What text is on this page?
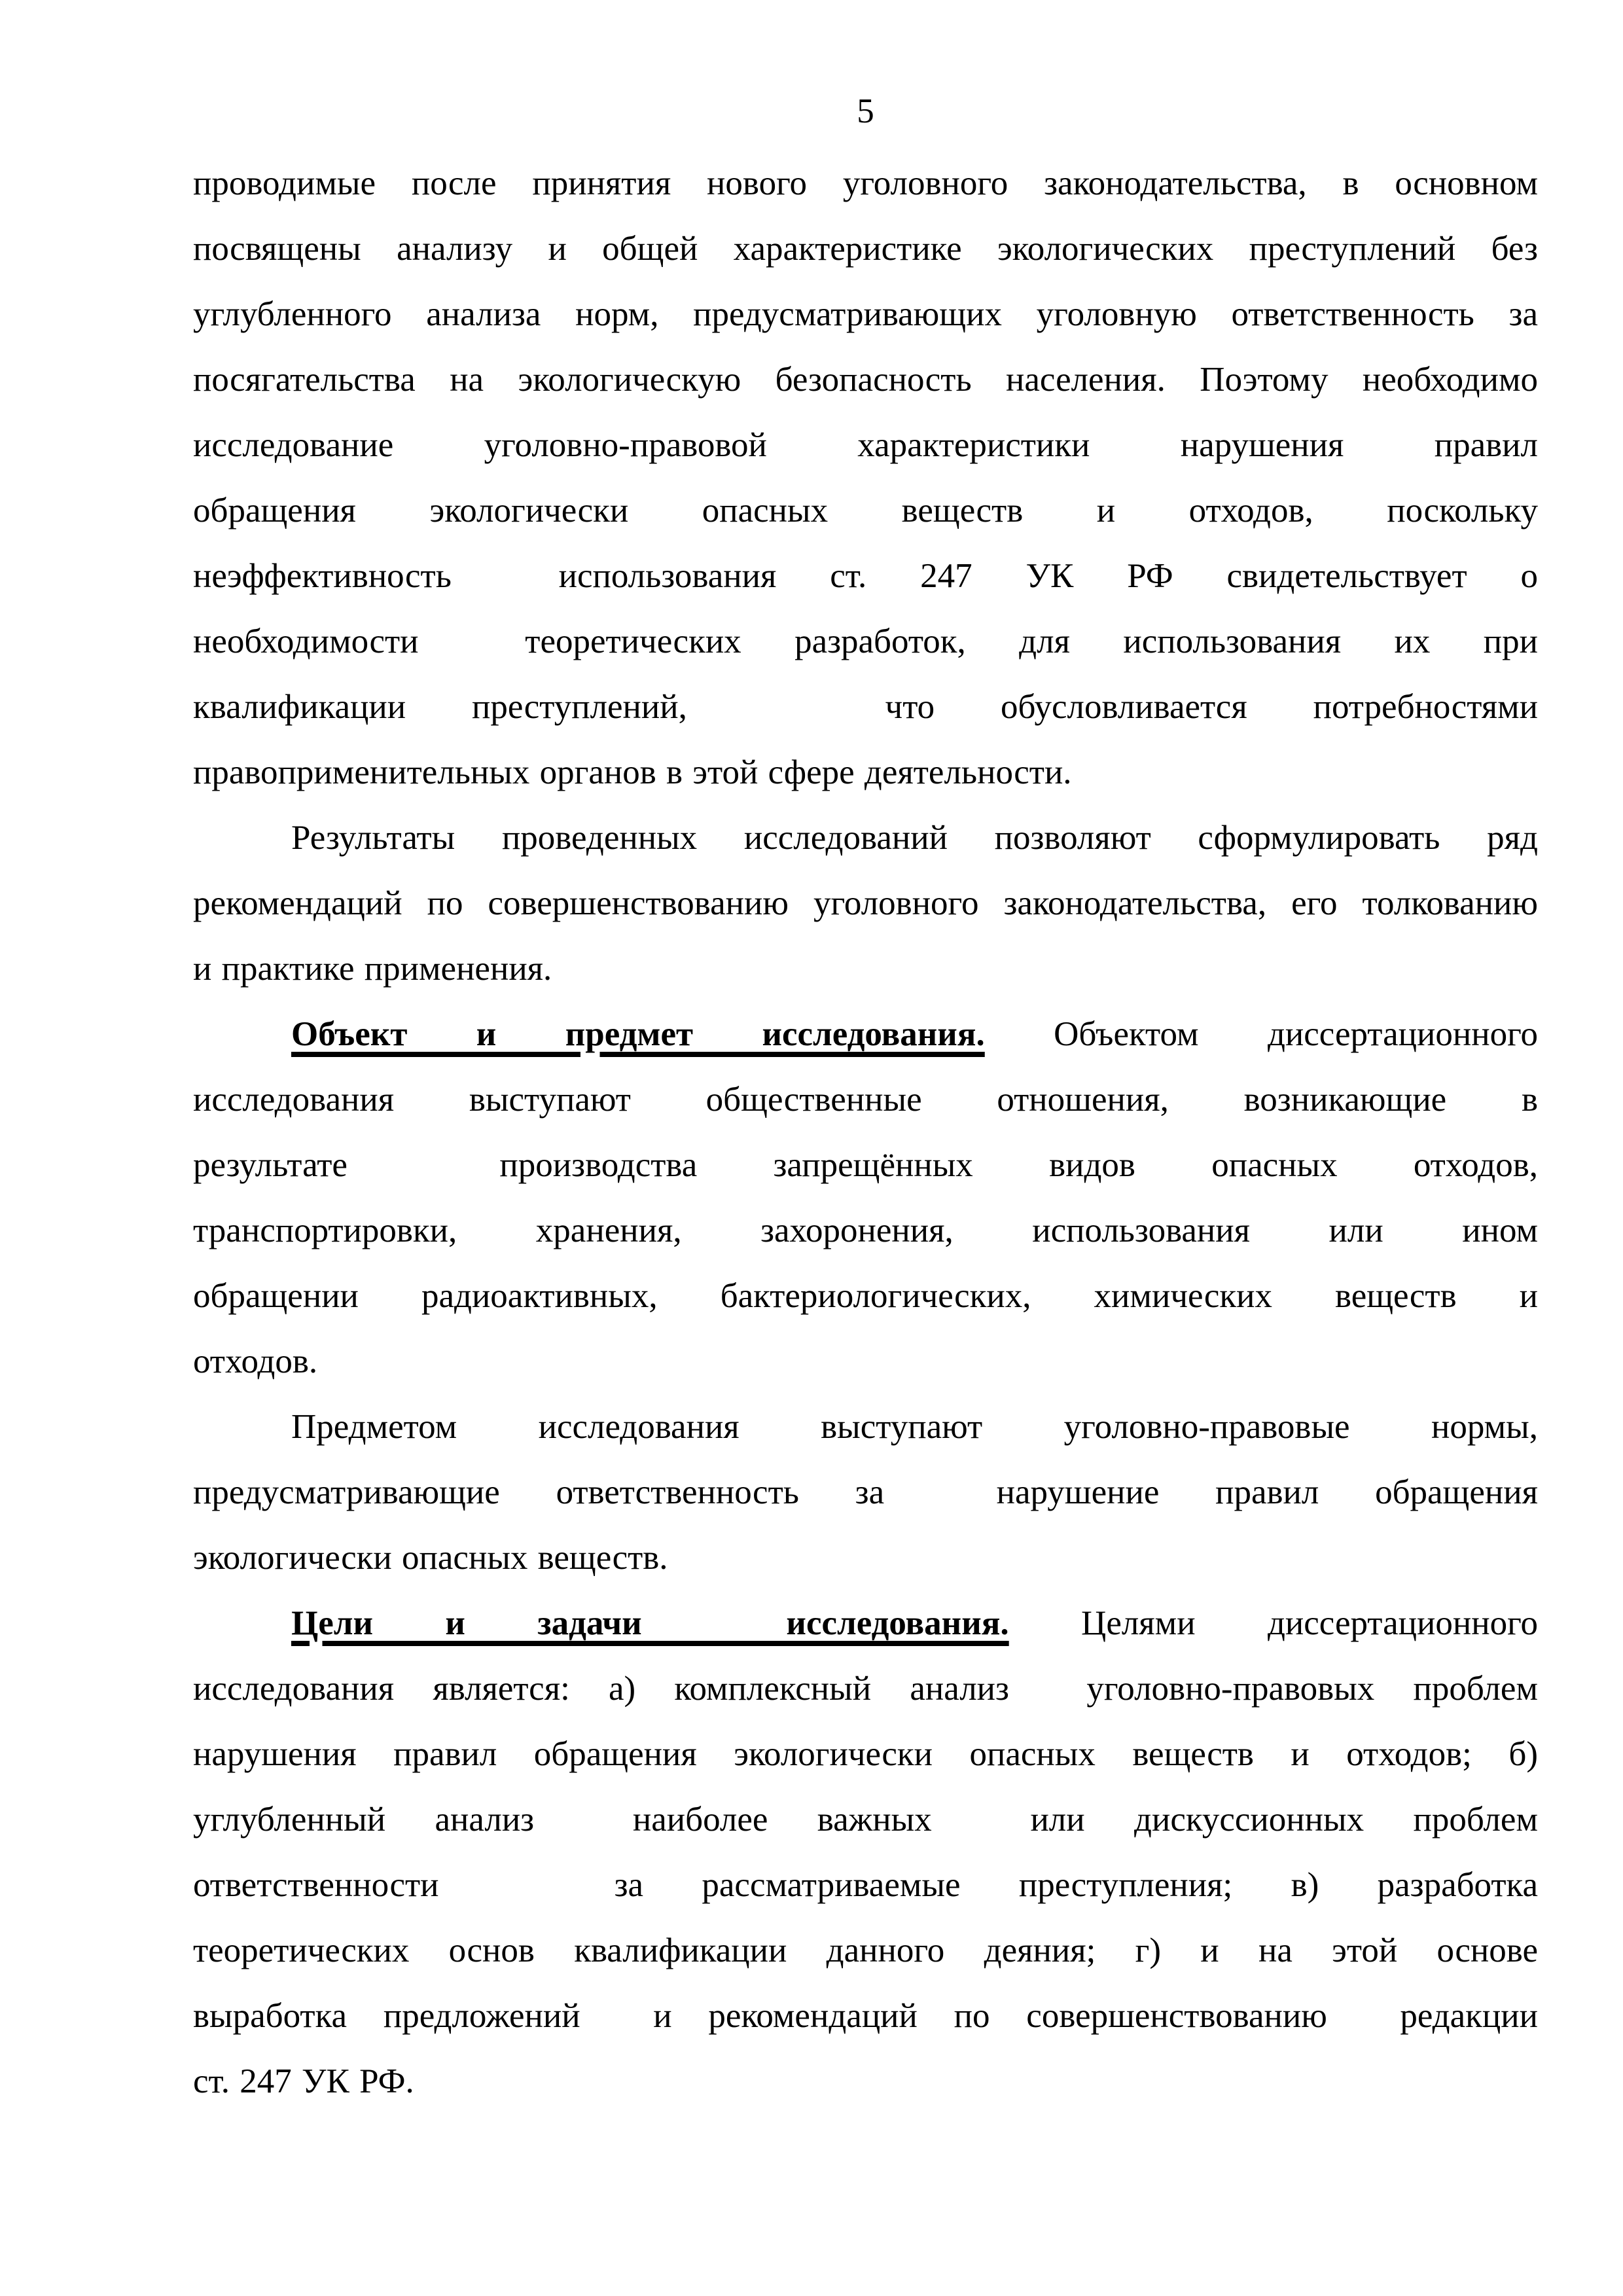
5
проводимые после принятия нового уголовного законодательства, в основном
посвящены анализу и общей характеристике экологических преступлений без
углубленного анализа норм, предусматривающих уголовную ответственность за
посягательства на экологическую безопасность населения. Поэтому необходимо
исследование уголовно-правовой характеристики нарушения правил
обращения экологически опасных веществ и отходов, поскольку
неэффективность  использования ст. 247 УК РФ свидетельствует о
необходимости  теоретических разработок, для использования их при
квалификации преступлений,   что обусловливается потребностями
правоприменительных органов в этой сфере деятельности.
Результаты проведенных исследований позволяют сформулировать ряд
рекомендаций по совершенствованию уголовного законодательства, его толкованию
и практике применения.
Объект и предмет исследования. Объектом диссертационного
исследования выступают общественные отношения, возникающие в
результате  производства запрещённых видов опасных отходов,
транспортировки, хранения, захоронения, использования или ином
обращении радиоактивных, бактериологических, химических веществ и
отходов.
Предметом исследования выступают уголовно-правовые нормы,
предусматривающие ответственность за  нарушение правил обращения
экологически опасных веществ.
Цели и задачи  исследования. Целями диссертационного
исследования является: а) комплексный анализ  уголовно-правовых проблем
нарушения правил обращения экологически опасных веществ и отходов; б)
углубленный анализ  наиболее важных  или дискуссионных проблем
ответственности   за рассматриваемые преступления; в) разработка
теоретических основ квалификации данного деяния; г) и на этой основе
выработка предложений  и рекомендаций по совершенствованию  редакции
ст. 247 УК РФ.
